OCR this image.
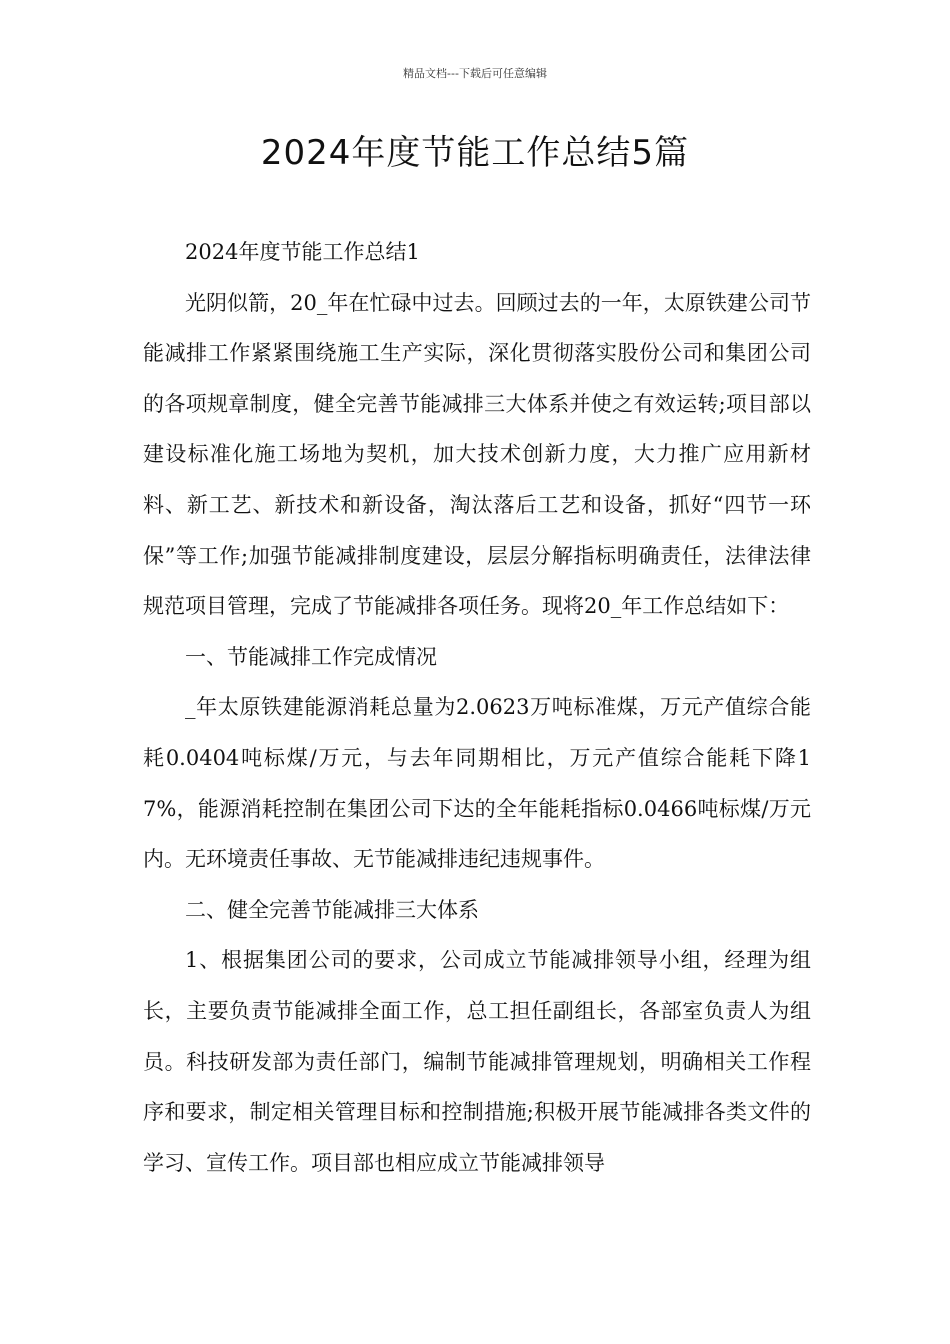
精品文档---下载后可任意编辑
2024年度节能工作总结5篇

2024年度节能工作总结1

光阴似箭，20_年在忙碌中过去。回顾过去的一年，太原铁建公司节能减排工作紧紧围绕施工生产实际，深化贯彻落实股份公司和集团公司的各项规章制度，健全完善节能减排三大体系并使之有效运转;项目部以建设标准化施工场地为契机，加大技术创新力度，大力推广应用新材料、新工艺、新技术和新设备，淘汰落后工艺和设备，抓好“四节一环保”等工作;加强节能减排制度建设，层层分解指标明确责任，法律法律规范项目管理，完成了节能减排各项任务。现将20_年工作总结如下：

一、节能减排工作完成情况

_年太原铁建能源消耗总量为2.0623万吨标准煤，万元产值综合能耗0.0404吨标煤/万元，与去年同期相比，万元产值综合能耗下降17%，能源消耗控制在集团公司下达的全年能耗指标0.0466吨标煤/万元内。无环境责任事故、无节能减排违纪违规事件。

二、健全完善节能减排三大体系

1、根据集团公司的要求，公司成立节能减排领导小组，经理为组长，主要负责节能减排全面工作，总工担任副组长，各部室负责人为组员。科技研发部为责任部门，编制节能减排管理规划，明确相关工作程序和要求，制定相关管理目标和控制措施;积极开展节能减排各类文件的学习、宣传工作。项目部也相应成立节能减排领导
